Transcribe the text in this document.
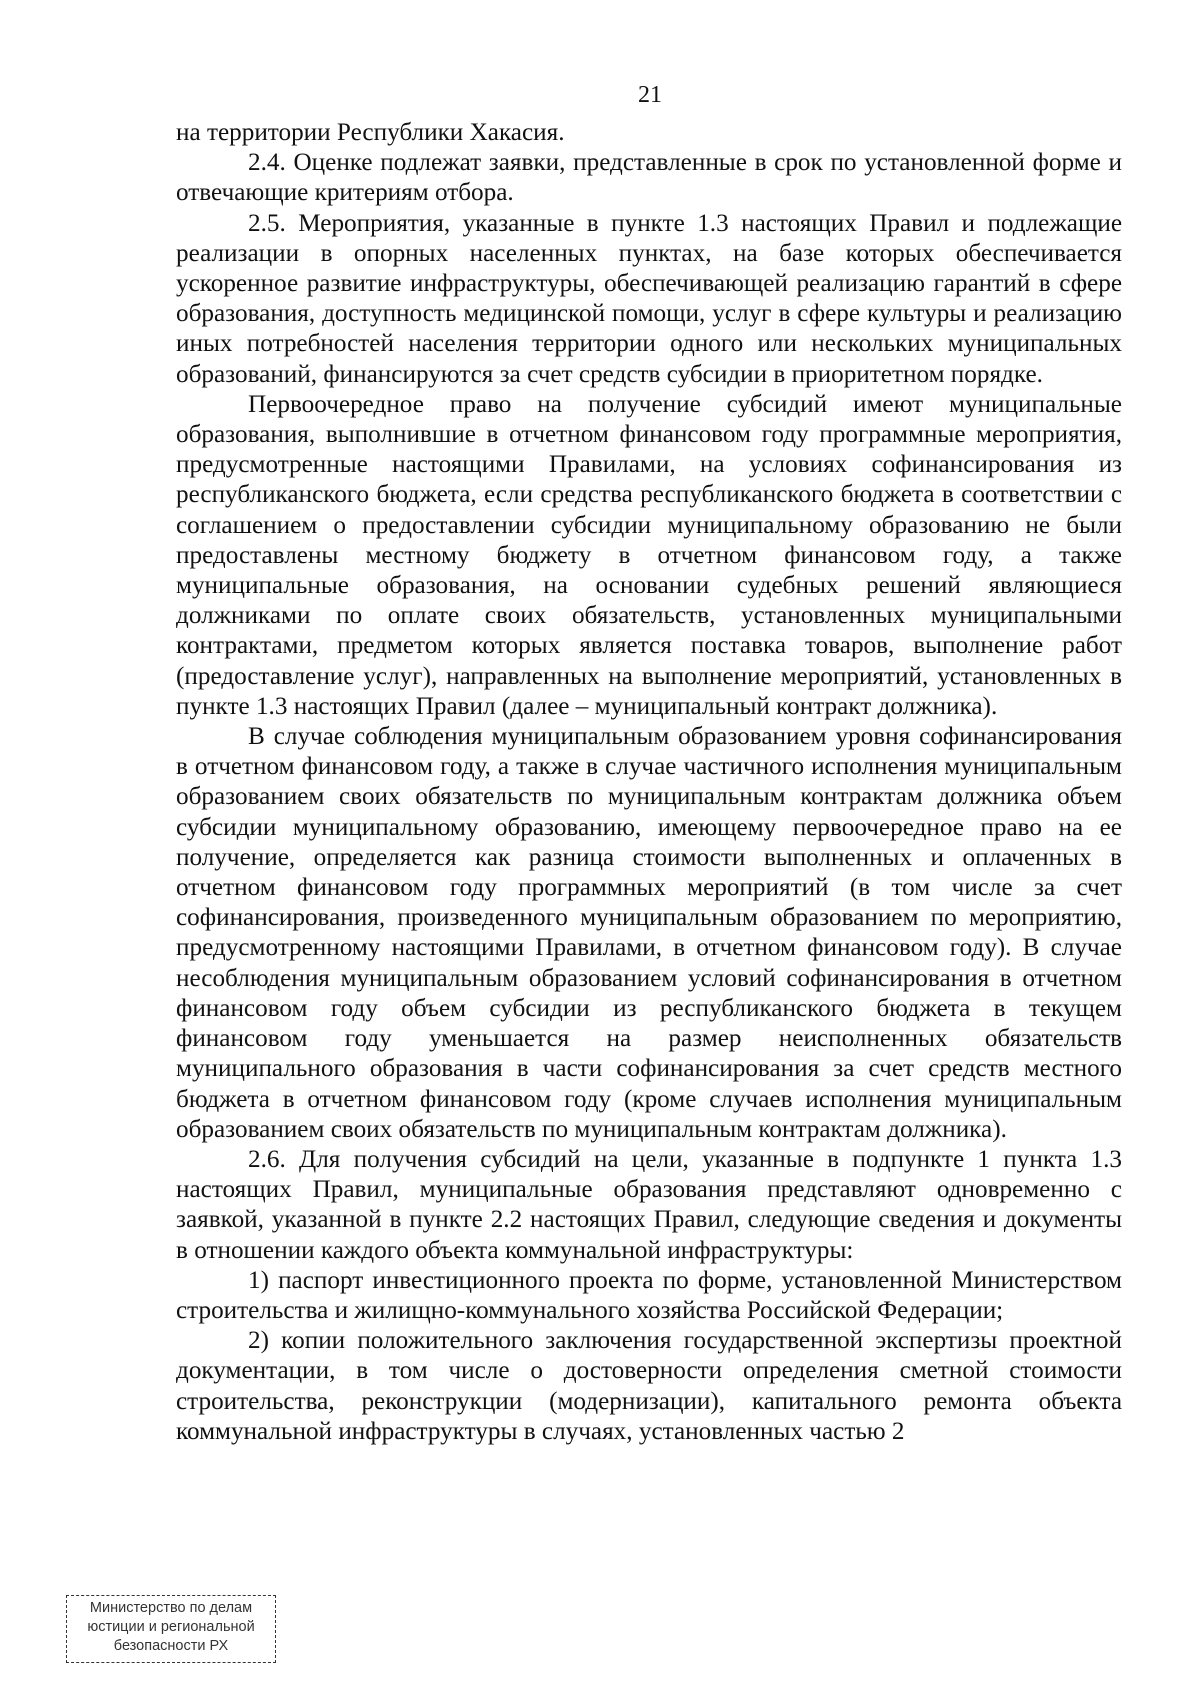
21

на территории Республики Хакасия.

2.4. Оценке подлежат заявки, представленные в срок по установленной форме и отвечающие критериям отбора.

2.5. Мероприятия, указанные в пункте 1.3 настоящих Правил и подлежащие реализации в опорных населенных пунктах, на базе которых обеспечивается ускоренное развитие инфраструктуры, обеспечивающей реализацию гарантий в сфере образования, доступность медицинской помощи, услуг в сфере культуры и реализацию иных потребностей населения территории одного или нескольких муниципальных образований, финансируются за счет средств субсидии в приоритетном порядке.

Первоочередное право на получение субсидий имеют муниципальные образования, выполнившие в отчетном финансовом году программные мероприятия, предусмотренные настоящими Правилами, на условиях софинансирования из республиканского бюджета, если средства республиканского бюджета в соответствии с соглашением о предоставлении субсидии муниципальному образованию не были предоставлены местному бюджету в отчетном финансовом году, а также муниципальные образования, на основании судебных решений являющиеся должниками по оплате своих обязательств, установленных муниципальными контрактами, предметом которых является поставка товаров, выполнение работ (предоставление услуг), направленных на выполнение мероприятий, установленных в пункте 1.3 настоящих Правил (далее – муниципальный контракт должника).

В случае соблюдения муниципальным образованием уровня софинансирования в отчетном финансовом году, а также в случае частичного исполнения муниципальным образованием своих обязательств по муниципальным контрактам должника объем субсидии муниципальному образованию, имеющему первоочередное право на ее получение, определяется как разница стоимости выполненных и оплаченных в отчетном финансовом году программных мероприятий (в том числе за счет софинансирования, произведенного муниципальным образованием по мероприятию, предусмотренному настоящими Правилами, в отчетном финансовом году). В случае несоблюдения муниципальным образованием условий софинансирования в отчетном финансовом году объем субсидии из республиканского бюджета в текущем финансовом году уменьшается на размер неисполненных обязательств муниципального образования в части софинансирования за счет средств местного бюджета в отчетном финансовом году (кроме случаев исполнения муниципальным образованием своих обязательств по муниципальным контрактам должника).

2.6. Для получения субсидий на цели, указанные в подпункте 1 пункта 1.3 настоящих Правил, муниципальные образования представляют одновременно с заявкой, указанной в пункте 2.2 настоящих Правил, следующие сведения и документы в отношении каждого объекта коммунальной инфраструктуры:

1) паспорт инвестиционного проекта по форме, установленной Министерством строительства и жилищно-коммунального хозяйства Российской Федерации;

2) копии положительного заключения государственной экспертизы проектной документации, в том числе о достоверности определения сметной стоимости строительства, реконструкции (модернизации), капитального ремонта объекта коммунальной инфраструктуры в случаях, установленных частью 2

Министерство по делам
юстиции и региональной
безопасности РХ
